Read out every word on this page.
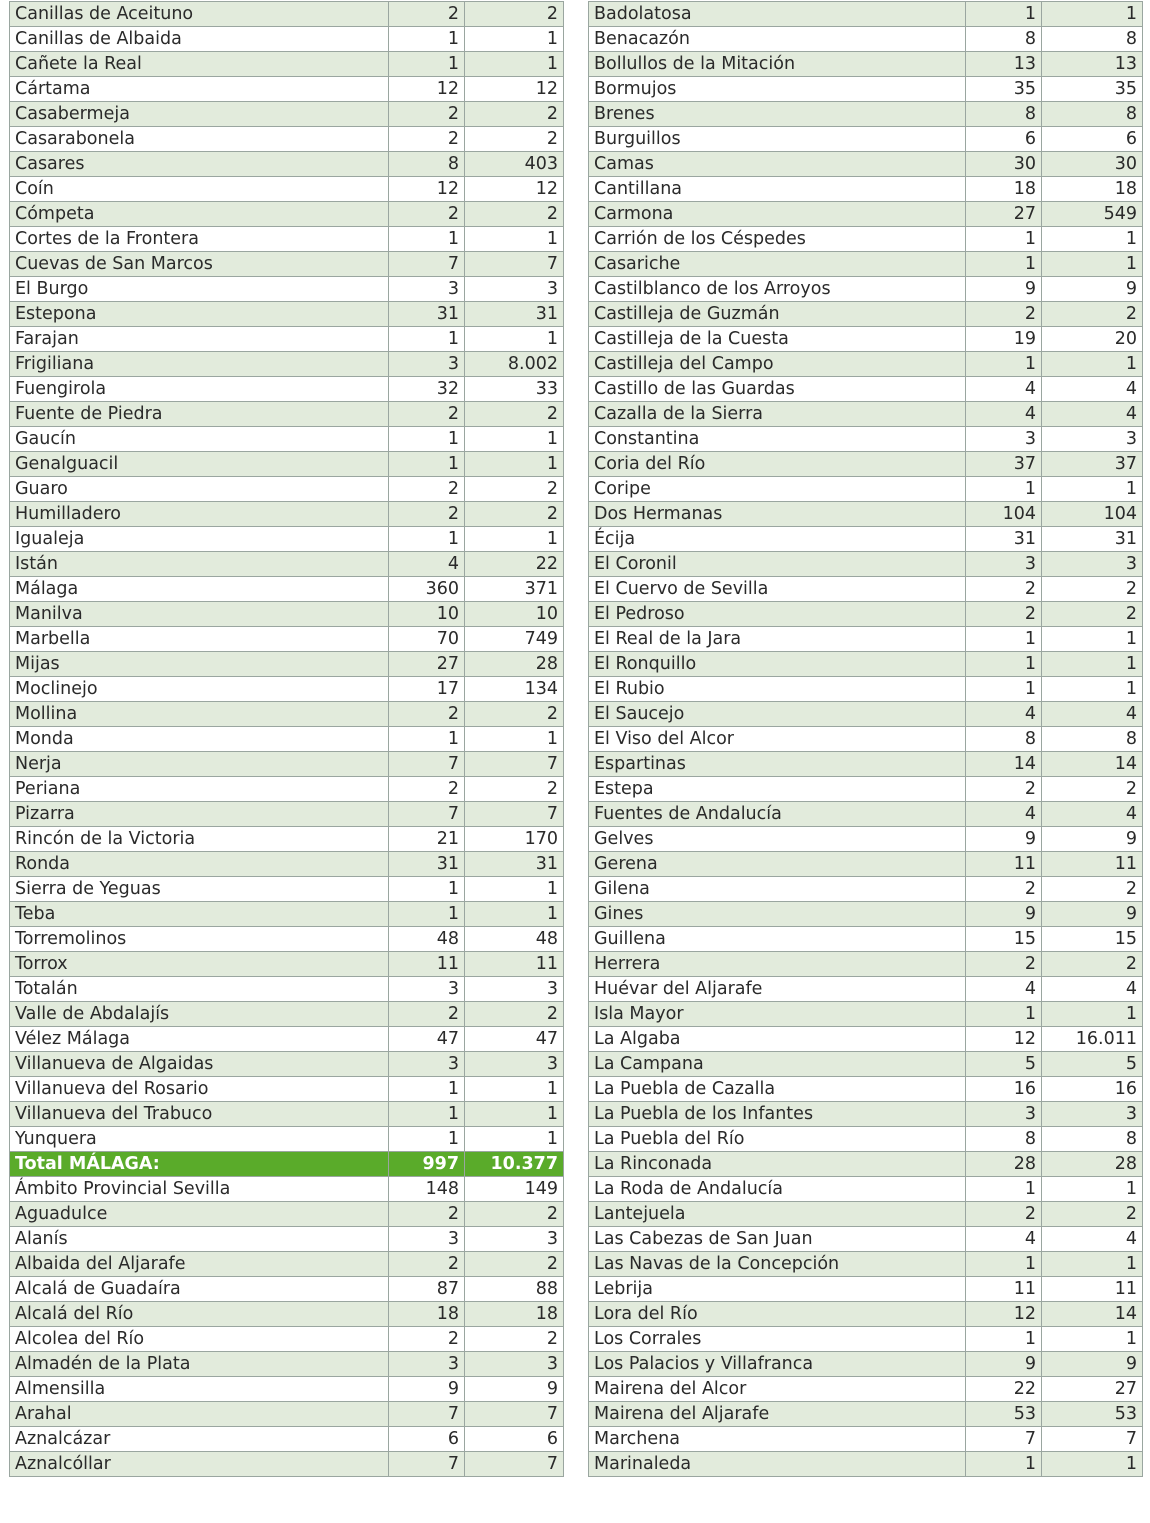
Canillas de Aceituno	2	2
Canillas de Albaida	1	1
Cañete la Real	1	1
Cártama	12	12
Casabermeja	2	2
Casarabonela	2	2
Casares	8	403
Coín	12	12
Cómpeta	2	2
Cortes de la Frontera	1	1
Cuevas de San Marcos	7	7
El Burgo	3	3
Estepona	31	31
Farajan	1	1
Frigiliana	3	8.002
Fuengirola	32	33
Fuente de Piedra	2	2
Gaucín	1	1
Genalguacil	1	1
Guaro	2	2
Humilladero	2	2
Igualeja	1	1
Istán	4	22
Málaga	360	371
Manilva	10	10
Marbella	70	749
Mijas	27	28
Moclinejo	17	134
Mollina	2	2
Monda	1	1
Nerja	7	7
Periana	2	2
Pizarra	7	7
Rincón de la Victoria	21	170
Ronda	31	31
Sierra de Yeguas	1	1
Teba	1	1
Torremolinos	48	48
Torrox	11	11
Totalán	3	3
Valle de Abdalajís	2	2
Vélez Málaga	47	47
Villanueva de Algaidas	3	3
Villanueva del Rosario	1	1
Villanueva del Trabuco	1	1
Yunquera	1	1
Total MÁLAGA:	997	10.377
Ámbito Provincial Sevilla	148	149
Aguadulce	2	2
Alanís	3	3
Albaida del Aljarafe	2	2
Alcalá de Guadaíra	87	88
Alcalá del Río	18	18
Alcolea del Río	2	2
Almadén de la Plata	3	3
Almensilla	9	9
Arahal	7	7
Aznalcázar	6	6
Aznalcóllar	7	7
Badolatosa	1	1
Benacazón	8	8
Bollullos de la Mitación	13	13
Bormujos	35	35
Brenes	8	8
Burguillos	6	6
Camas	30	30
Cantillana	18	18
Carmona	27	549
Carrión de los Céspedes	1	1
Casariche	1	1
Castilblanco de los Arroyos	9	9
Castilleja de Guzmán	2	2
Castilleja de la Cuesta	19	20
Castilleja del Campo	1	1
Castillo de las Guardas	4	4
Cazalla de la Sierra	4	4
Constantina	3	3
Coria del Río	37	37
Coripe	1	1
Dos Hermanas	104	104
Écija	31	31
El Coronil	3	3
El Cuervo de Sevilla	2	2
El Pedroso	2	2
El Real de la Jara	1	1
El Ronquillo	1	1
El Rubio	1	1
El Saucejo	4	4
El Viso del Alcor	8	8
Espartinas	14	14
Estepa	2	2
Fuentes de Andalucía	4	4
Gelves	9	9
Gerena	11	11
Gilena	2	2
Gines	9	9
Guillena	15	15
Herrera	2	2
Huévar del Aljarafe	4	4
Isla Mayor	1	1
La Algaba	12	16.011
La Campana	5	5
La Puebla de Cazalla	16	16
La Puebla de los Infantes	3	3
La Puebla del Río	8	8
La Rinconada	28	28
La Roda de Andalucía	1	1
Lantejuela	2	2
Las Cabezas de San Juan	4	4
Las Navas de la Concepción	1	1
Lebrija	11	11
Lora del Río	12	14
Los Corrales	1	1
Los Palacios y Villafranca	9	9
Mairena del Alcor	22	27
Mairena del Aljarafe	53	53
Marchena	7	7
Marinaleda	1	1
